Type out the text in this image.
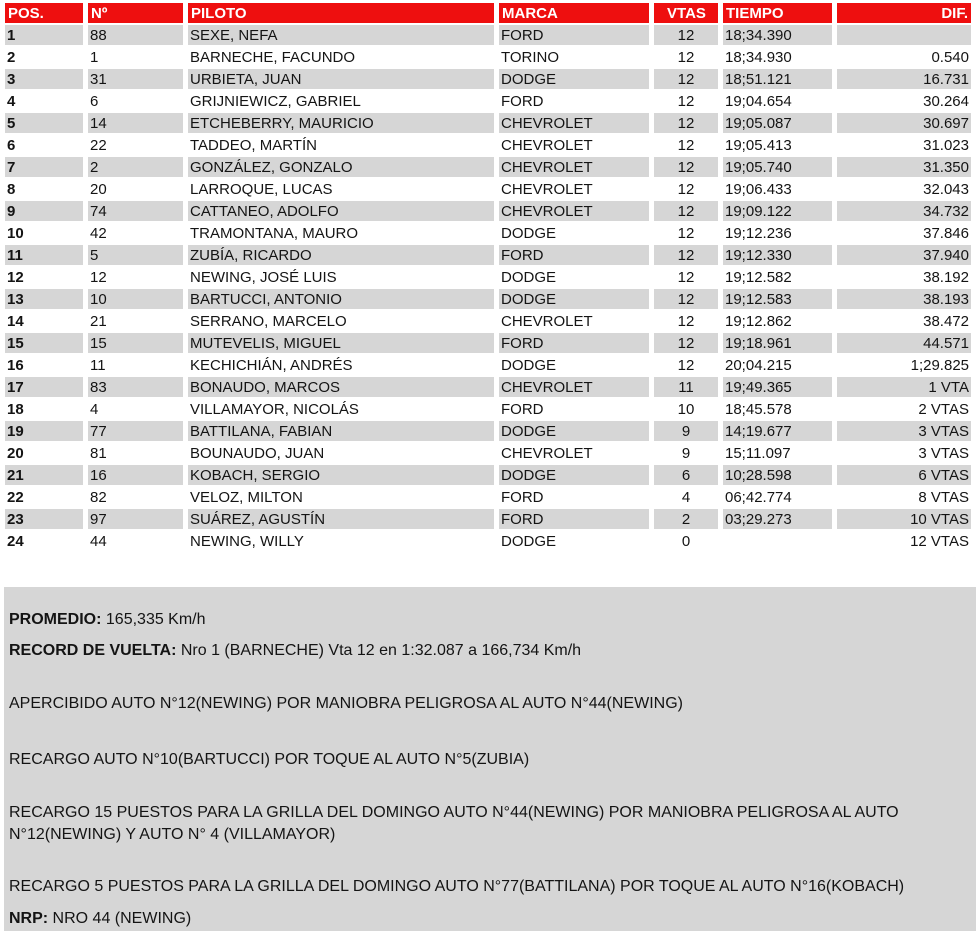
POS.	Nº	PILOTO	MARCA	VTAS	TIEMPO	DIF.
1	88	SEXE, NEFA	FORD	12	18;34.390	
2	1	BARNECHE, FACUNDO	TORINO	12	18;34.930	0.540
3	31	URBIETA, JUAN	DODGE	12	18;51.121	16.731
4	6	GRIJNIEWICZ, GABRIEL	FORD	12	19;04.654	30.264
5	14	ETCHEBERRY, MAURICIO	CHEVROLET	12	19;05.087	30.697
6	22	TADDEO, MARTÍN	CHEVROLET	12	19;05.413	31.023
7	2	GONZÁLEZ, GONZALO	CHEVROLET	12	19;05.740	31.350
8	20	LARROQUE, LUCAS	CHEVROLET	12	19;06.433	32.043
9	74	CATTANEO, ADOLFO	CHEVROLET	12	19;09.122	34.732
10	42	TRAMONTANA, MAURO	DODGE	12	19;12.236	37.846
11	5	ZUBÍA, RICARDO	FORD	12	19;12.330	37.940
12	12	NEWING, JOSÉ LUIS	DODGE	12	19;12.582	38.192
13	10	BARTUCCI, ANTONIO	DODGE	12	19;12.583	38.193
14	21	SERRANO, MARCELO	CHEVROLET	12	19;12.862	38.472
15	15	MUTEVELIS, MIGUEL	FORD	12	19;18.961	44.571
16	11	KECHICHIÁN, ANDRÉS	DODGE	12	20;04.215	1;29.825
17	83	BONAUDO, MARCOS	CHEVROLET	11	19;49.365	1 VTA
18	4	VILLAMAYOR, NICOLÁS	FORD	10	18;45.578	2 VTAS
19	77	BATTILANA, FABIAN	DODGE	9	14;19.677	3 VTAS
20	81	BOUNAUDO, JUAN	CHEVROLET	9	15;11.097	3 VTAS
21	16	KOBACH, SERGIO	DODGE	6	10;28.598	6 VTAS
22	82	VELOZ, MILTON	FORD	4	06;42.774	8 VTAS
23	97	SUÁREZ, AGUSTÍN	FORD	2	03;29.273	10 VTAS
24	44	NEWING, WILLY	DODGE	0		12 VTAS

PROMEDIO: 165,335 Km/h

RECORD DE VUELTA: Nro 1 (BARNECHE) Vta 12 en 1:32.087 a 166,734 Km/h

APERCIBIDO AUTO N°12(NEWING) POR MANIOBRA PELIGROSA AL AUTO N°44(NEWING)

RECARGO AUTO N°10(BARTUCCI) POR TOQUE AL AUTO N°5(ZUBIA)

RECARGO 15 PUESTOS PARA LA GRILLA DEL DOMINGO AUTO N°44(NEWING) POR MANIOBRA PELIGROSA AL AUTO N°12(NEWING) Y AUTO N° 4 (VILLAMAYOR)

RECARGO 5 PUESTOS PARA LA GRILLA DEL DOMINGO AUTO N°77(BATTILANA) POR TOQUE AL AUTO N°16(KOBACH)

NRP: NRO 44 (NEWING)
